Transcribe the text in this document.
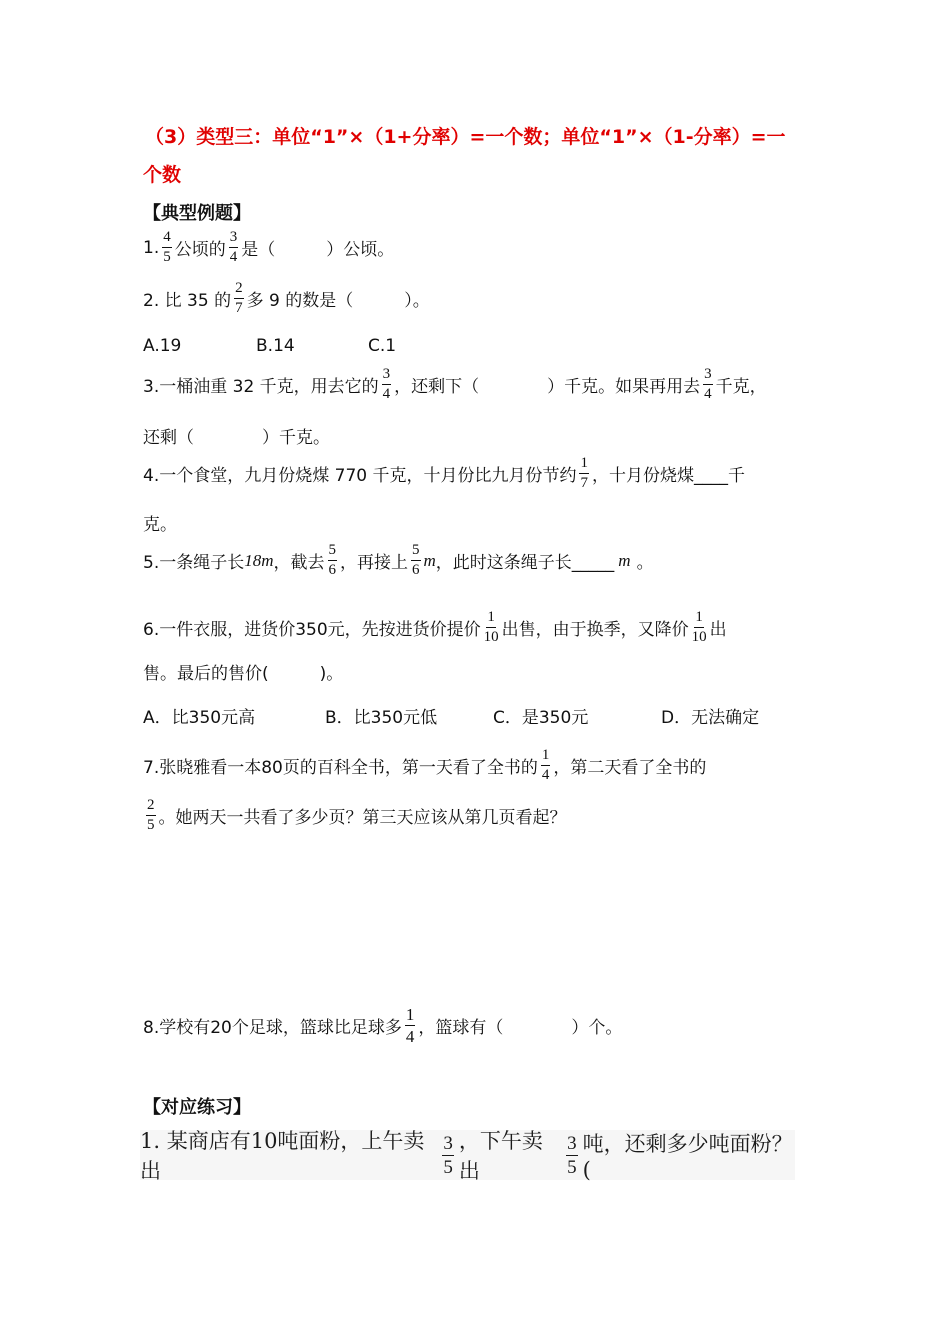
（3）类型三：单位“1”×（1+分率）=一个数；单位“1”×（1-分率）=一
个数
【典型例题】
1. $\frac{4}{5}$ 公顷的 $\frac{3}{4}$ 是（　　　）公顷。
2. 比 35 的 $\frac{2}{7}$ 多 9 的数是（　　　）。
A.19	B.14	C.1
3.一桶油重 32 千克，用去它的 $\frac{3}{4}$ ，还剩下（　　　　）千克。如果再用去 $\frac{3}{4}$ 千克，
还剩（　　　　）千克。
4.一个食堂，九月份烧煤 770 千克，十月份比九月份节约 $\frac{1}{7}$ ，十月份烧煤____千
克。
5.一条绳子长 18m ，截去 $\frac{5}{6}$ ，再接上 $\frac{5}{6}$ m ，此时这条绳子长_____ m 。
6.一件衣服，进货价350元，先按进货价提价 $\frac{1}{10}$ 出售，由于换季，又降价 $\frac{1}{10}$ 出
售。最后的售价(　　　)。
A．比350元高	B．比350元低	C．是350元	D．无法确定
7.张晓雅看一本80页的百科全书，第一天看了全书的 $\frac{1}{4}$ ，第二天看了全书的
$\frac{2}{5}$ 。她两天一共看了多少页？第三天应该从第几页看起？
8.学校有20个足球，篮球比足球多 $\frac{1}{4}$ ，篮球有（　　　　）个。
【对应练习】
1. 某商店有10吨面粉，上午卖出	$\frac{3}{5}$ ，下午卖出	$\frac{3}{5}$ 吨，还剩多少吨面粉？(
